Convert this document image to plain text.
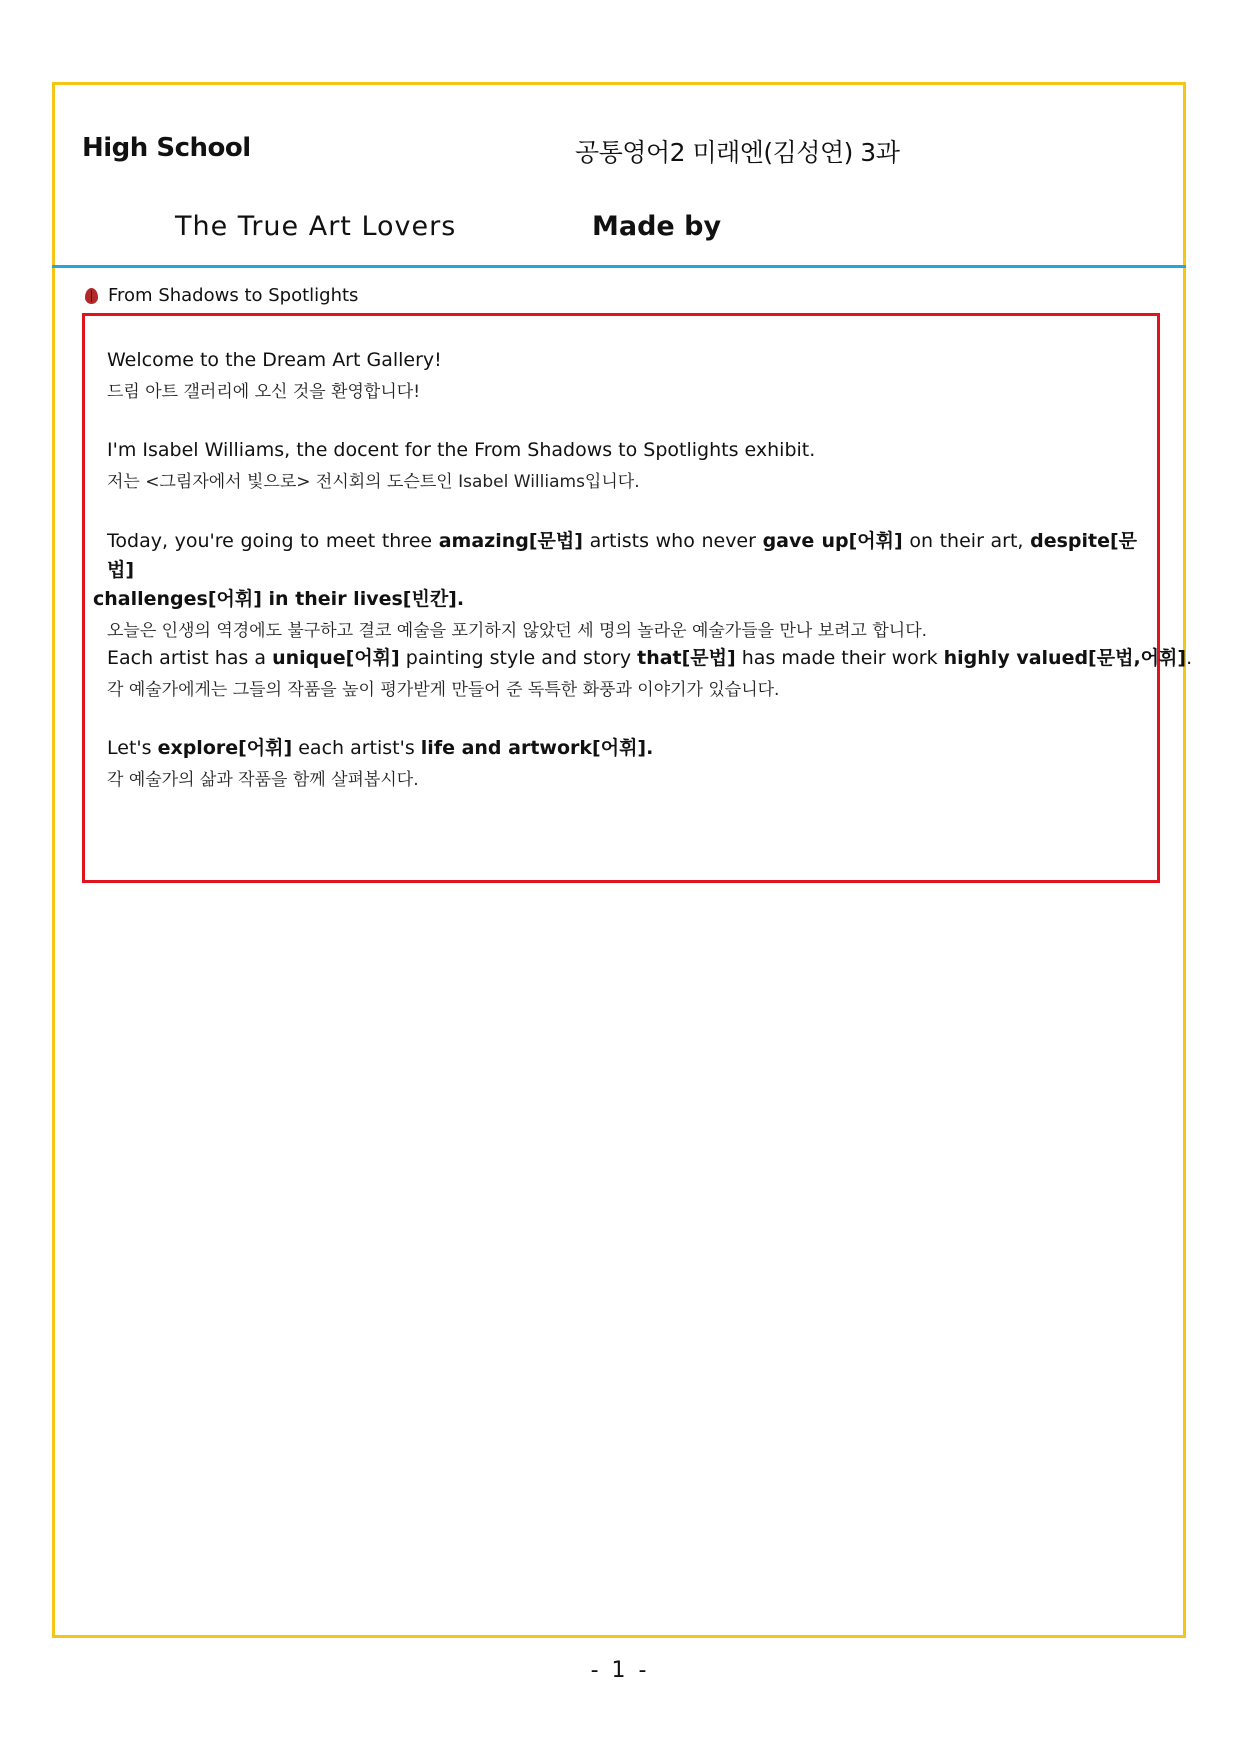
High School	공통영어2 미래엔(김성연) 3과
The True Art Lovers	Made by
From Shadows to Spotlights
Welcome to the Dream Art Gallery!
드림 아트 갤러리에 오신 것을 환영합니다!
I'm Isabel Williams, the docent for the From Shadows to Spotlights exhibit.
저는 <그림자에서 빛으로> 전시회의 도슨트인 Isabel Williams입니다.
Today, you're going to meet three amazing[문법] artists who never gave up[어휘] on their art, despite[문법]
challenges[어휘] in their lives[빈칸].
오늘은 인생의 역경에도 불구하고 결코 예술을 포기하지 않았던 세 명의 놀라운 예술가들을 만나 보려고 합니다.
Each artist has a unique[어휘] painting style and story that[문법] has made their work highly valued[문법,어휘].
각 예술가에게는 그들의 작품을 높이 평가받게 만들어 준 독특한 화풍과 이야기가 있습니다.
Let's explore[어휘] each artist's life and artwork[어휘].
각 예술가의 삶과 작품을 함께 살펴봅시다.
- 1 -
